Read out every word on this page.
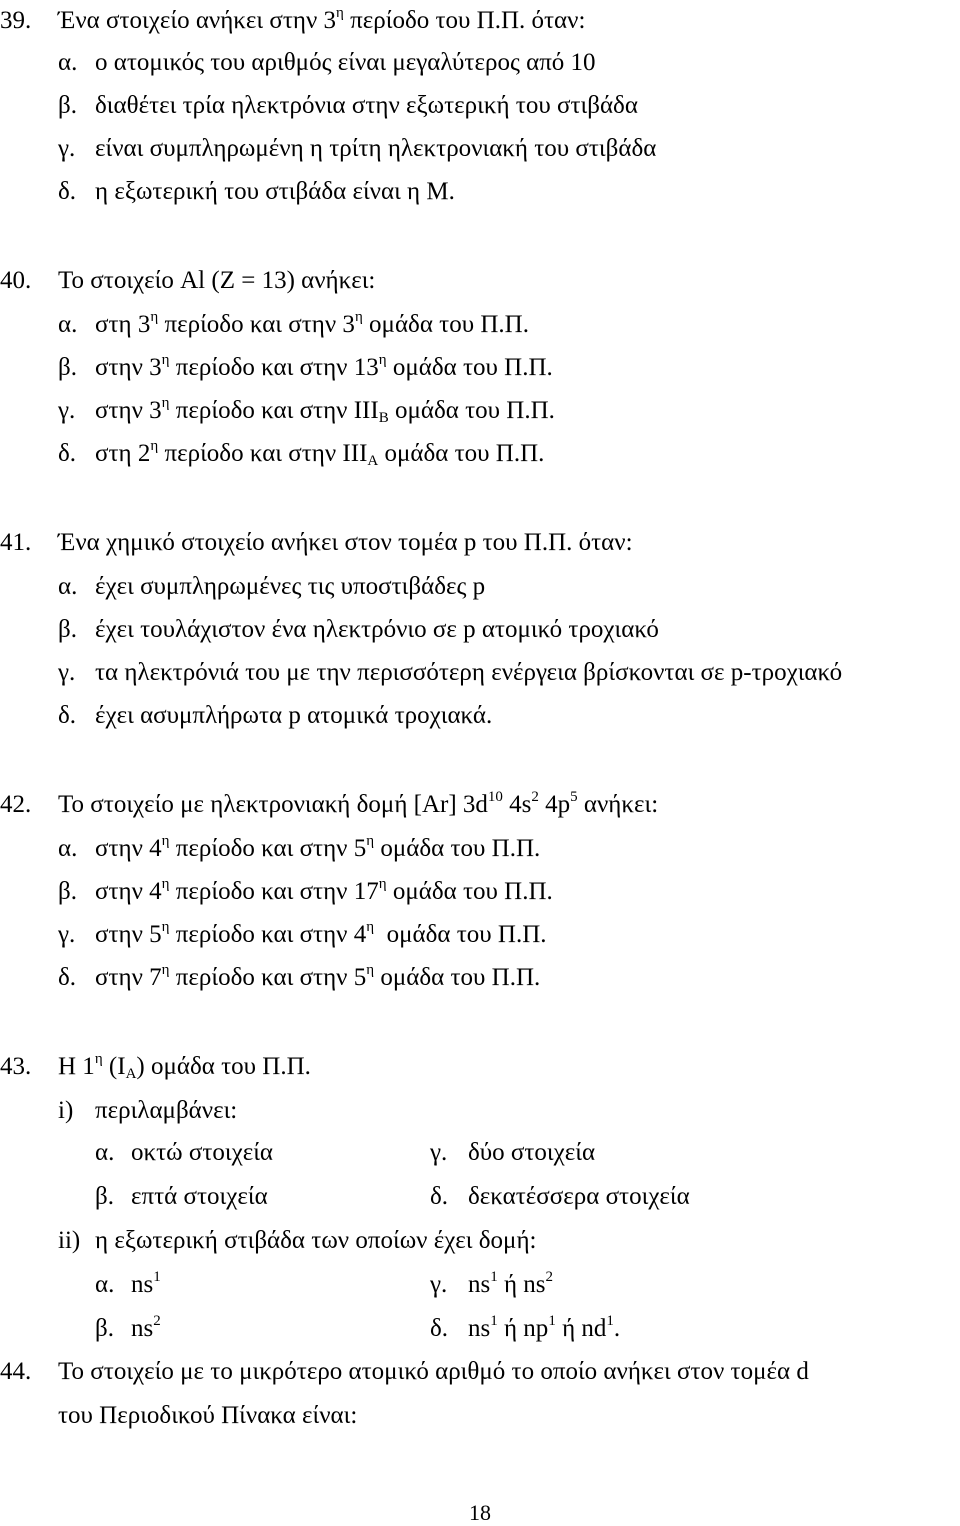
39. Ένα στοιχείο ανήκει στην $3^\eta$ περίοδο του Π.Π. όταν:
α. ο ατομικός του αριθμός είναι μεγαλύτερος από 10
β. διαθέτει τρία ηλεκτρόνια στην εξωτερική του στιβάδα
γ. είναι συμπληρωμένη η τρίτη ηλεκτρονιακή του στιβάδα
δ. η εξωτερική του στιβάδα είναι η Μ.
40. Το στοιχείο Al (Z = 13) ανήκει:
α. στη $3^\eta$ περίοδο και στην $3^\eta$ ομάδα του Π.Π.
β. στην $3^\eta$ περίοδο και στην $13^\eta$ ομάδα του Π.Π.
γ. στην $3^\eta$ περίοδο και στην $III_B$ ομάδα του Π.Π.
δ. στη $2^\eta$ περίοδο και στην $III_A$ ομάδα του Π.Π.
41. Ένα χημικό στοιχείο ανήκει στον τομέα p του Π.Π. όταν:
α. έχει συμπληρωμένες τις υποστιβάδες p
β. έχει τουλάχιστον ένα ηλεκτρόνιο σε p ατομικό τροχιακό
γ. τα ηλεκτρόνιά του με την περισσότερη ενέργεια βρίσκονται σε p-τροχιακό
δ. έχει ασυμπλήρωτα p ατομικά τροχιακά.
42. Το στοιχείο με ηλεκτρονιακή δομή [Ar] $3d^{10}$ $4s^2$ $4p^5$ ανήκει:
α. στην $4^\eta$ περίοδο και στην $5^\eta$ ομάδα του Π.Π.
β. στην $4^\eta$ περίοδο και στην $17^\eta$ ομάδα του Π.Π.
γ. στην $5^\eta$ περίοδο και στην $4^\eta$  ομάδα του Π.Π.
δ. στην $7^\eta$ περίοδο και στην $5^\eta$ ομάδα του Π.Π.
43. Η $1^\eta$ $(I_A)$ ομάδα του Π.Π.
i) περιλαμβάνει:
α. οκτώ στοιχεία	γ. δύο στοιχεία
β. επτά στοιχεία	δ. δεκατέσσερα στοιχεία
ii) η εξωτερική στιβάδα των οποίων έχει δομή:
α. $ns^1$	γ. $ns^1$ ή $ns^2$
β. $ns^2$	δ. $ns^1$ ή $np^1$ ή $nd^1$.
44. Το στοιχείο με το μικρότερο ατομικό αριθμό το οποίο ανήκει στον τομέα d
του Περιοδικού Πίνακα είναι:
18
